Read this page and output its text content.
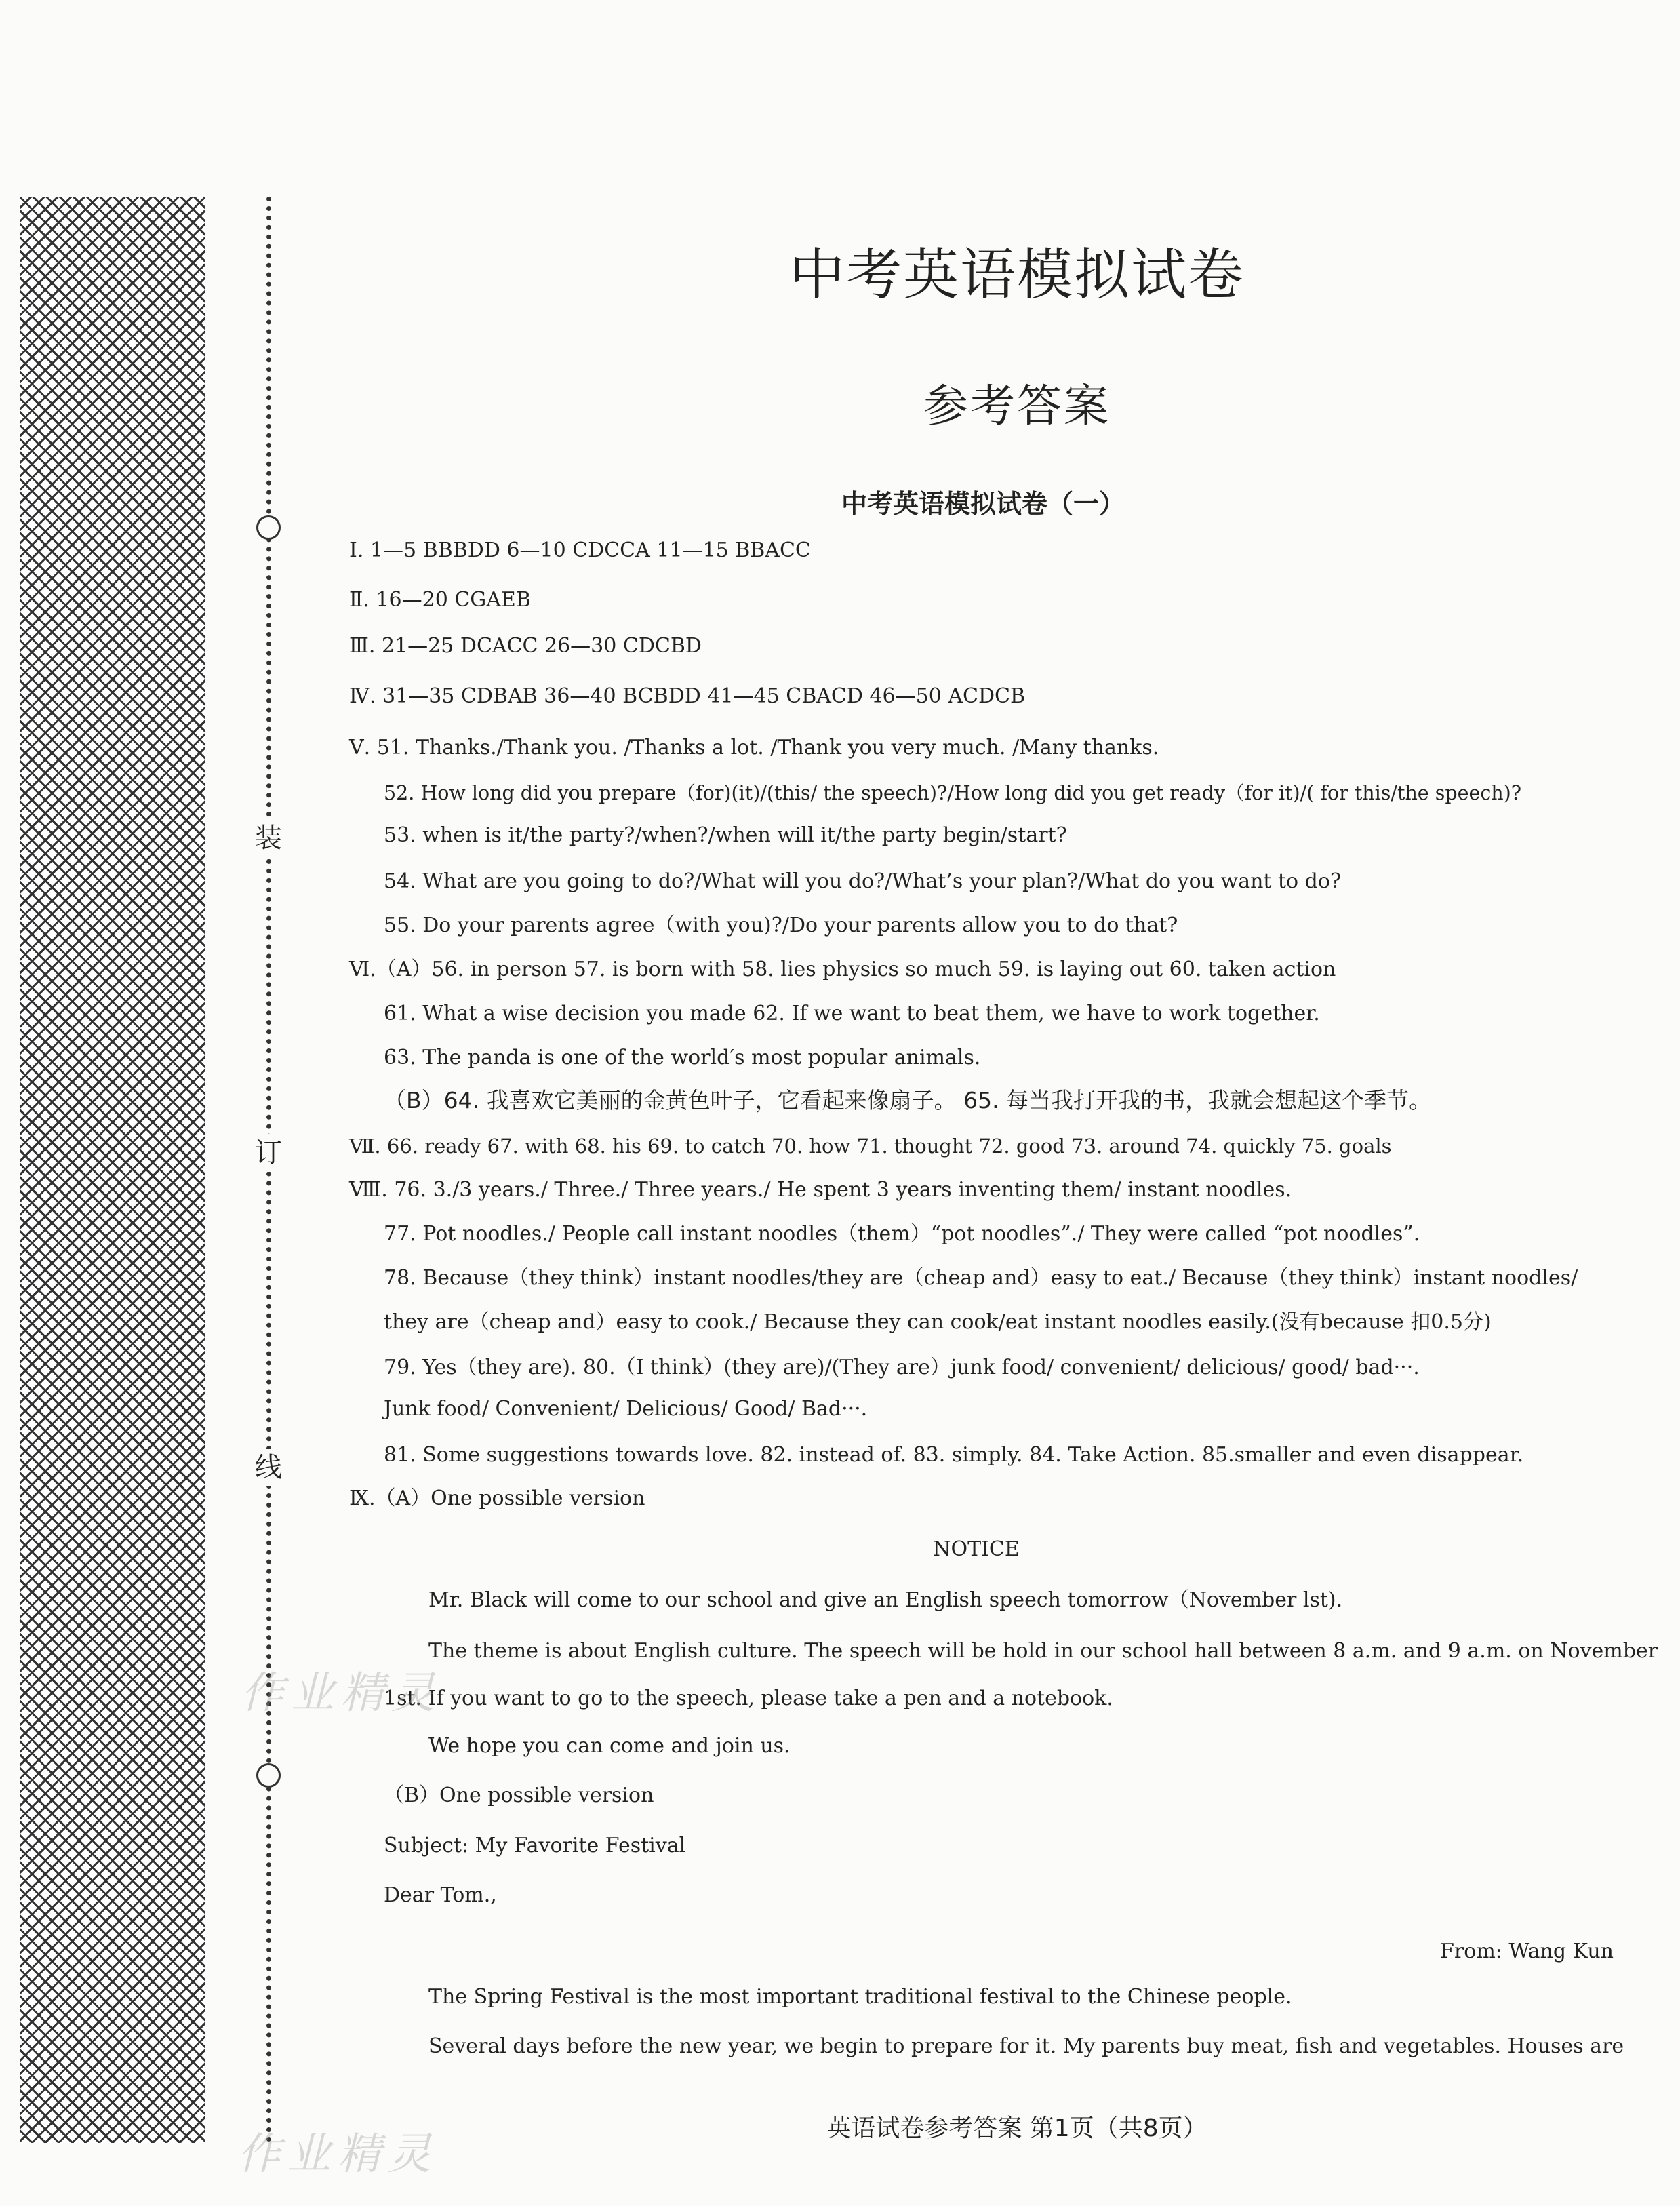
装
订
线
中考英语模拟试卷
参考答案
中考英语模拟试卷（一）
Ⅰ. 1—5 BBBDD 6—10 CDCCA 11—15 BBACC
Ⅱ. 16—20 CGAEB
Ⅲ. 21—25 DCACC 26—30 CDCBD
Ⅳ. 31—35 CDBAB 36—40 BCBDD 41—45 CBACD 46—50 ACDCB
Ⅴ. 51. Thanks./Thank you. /Thanks a lot. /Thank you very much. /Many thanks.
52. How long did you prepare（for)(it)/(this/ the speech)?/How long did you get ready（for it)/( for this/the speech)?
53. when is it/the party?/when?/when will it/the party begin/start?
54. What are you going to do?/What will you do?/What’s your plan?/What do you want to do?
55. Do your parents agree（with you)?/Do your parents allow you to do that?
Ⅵ.（A）56. in person 57. is born with 58. lies physics so much 59. is laying out 60. taken action
61. What a wise decision you made 62. If we want to beat them, we have to work together.
63. The panda is one of the world′s most popular animals.
（B）64. 我喜欢它美丽的金黄色叶子，它看起来像扇子。 65. 每当我打开我的书，我就会想起这个季节。
Ⅶ. 66. ready 67. with 68. his 69. to catch 70. how 71. thought 72. good 73. around 74. quickly 75. goals
Ⅷ. 76. 3./3 years./ Three./ Three years./ He spent 3 years inventing them/ instant noodles.
77. Pot noodles./ People call instant noodles（them）“pot noodles”./ They were called “pot noodles”.
78. Because（they think）instant noodles/they are（cheap and）easy to eat./ Because（they think）instant noodles/
they are（cheap and）easy to cook./ Because they can cook/eat instant noodles easily.(没有because 扣0.5分)
79. Yes（they are). 80.（I think）(they are)/(They are）junk food/ convenient/ delicious/ good/ bad···.
Junk food/ Convenient/ Delicious/ Good/ Bad···.
81. Some suggestions towards love. 82. instead of. 83. simply. 84. Take Action. 85.smaller and even disappear.
Ⅸ.（A）One possible version
NOTICE
Mr. Black will come to our school and give an English speech tomorrow（November lst).
The theme is about English culture. The speech will be hold in our school hall between 8 a.m. and 9 a.m. on November
1st. If you want to go to the speech, please take a pen and a notebook.
We hope you can come and join us.
（B）One possible version
Subject: My Favorite Festival
Dear Tom.,
From: Wang Kun
The Spring Festival is the most important traditional festival to the Chinese people.
Several days before the new year, we begin to prepare for it. My parents buy meat, fish and vegetables. Houses are
作业精灵
作业精灵
英语试卷参考答案 第1页（共8页）
